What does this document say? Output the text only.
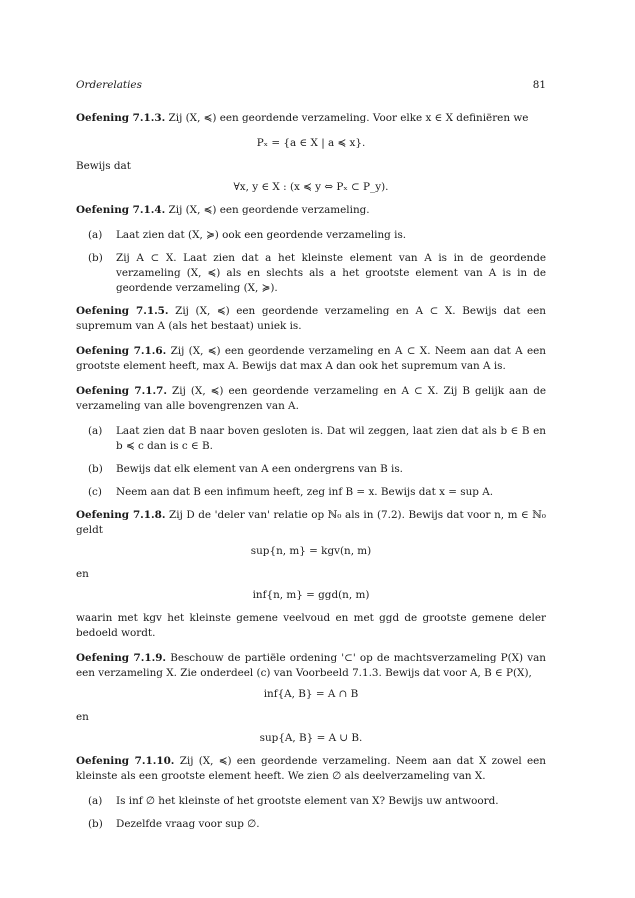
Orderelaties	81

Oefening 7.1.3. Zij (X, ≼) een geordende verzameling. Voor elke x ∈ X definiëren we

Pₓ = {a ∈ X | a ≼ x}.

Bewijs dat

∀x, y ∈ X : (x ≼ y ⇔ Pₓ ⊂ P_y).

Oefening 7.1.4. Zij (X, ≼) een geordende verzameling.

(a) Laat zien dat (X, ≽) ook een geordende verzameling is.
(b) Zij A ⊂ X. Laat zien dat a het kleinste element van A is in de geordende verzameling (X, ≼) als en slechts als a het grootste element van A is in de geordende verzameling (X, ≽).

Oefening 7.1.5. Zij (X, ≼) een geordende verzameling en A ⊂ X. Bewijs dat een supremum van A (als het bestaat) uniek is.

Oefening 7.1.6. Zij (X, ≼) een geordende verzameling en A ⊂ X. Neem aan dat A een grootste element heeft, max A. Bewijs dat max A dan ook het supremum van A is.

Oefening 7.1.7. Zij (X, ≼) een geordende verzameling en A ⊂ X. Zij B gelijk aan de verzameling van alle bovengrenzen van A.

(a) Laat zien dat B naar boven gesloten is. Dat wil zeggen, laat zien dat als b ∈ B en b ≼ c dan is c ∈ B.
(b) Bewijs dat elk element van A een ondergrens van B is.
(c) Neem aan dat B een infimum heeft, zeg inf B = x. Bewijs dat x = sup A.

Oefening 7.1.8. Zij D de 'deler van' relatie op ℕ₀ als in (7.2). Bewijs dat voor n, m ∈ ℕ₀ geldt

sup{n, m} = kgv(n, m)

en

inf{n, m} = ggd(n, m)

waarin met kgv het kleinste gemene veelvoud en met ggd de grootste gemene deler bedoeld wordt.

Oefening 7.1.9. Beschouw de partiële ordening '⊂' op de machtsverzameling P(X) van een verzameling X. Zie onderdeel (c) van Voorbeeld 7.1.3. Bewijs dat voor A, B ∈ P(X),

inf{A, B} = A ∩ B

en

sup{A, B} = A ∪ B.

Oefening 7.1.10. Zij (X, ≼) een geordende verzameling. Neem aan dat X zowel een kleinste als een grootste element heeft. We zien ∅ als deelverzameling van X.

(a) Is inf ∅ het kleinste of het grootste element van X? Bewijs uw antwoord.
(b) Dezelfde vraag voor sup ∅.
